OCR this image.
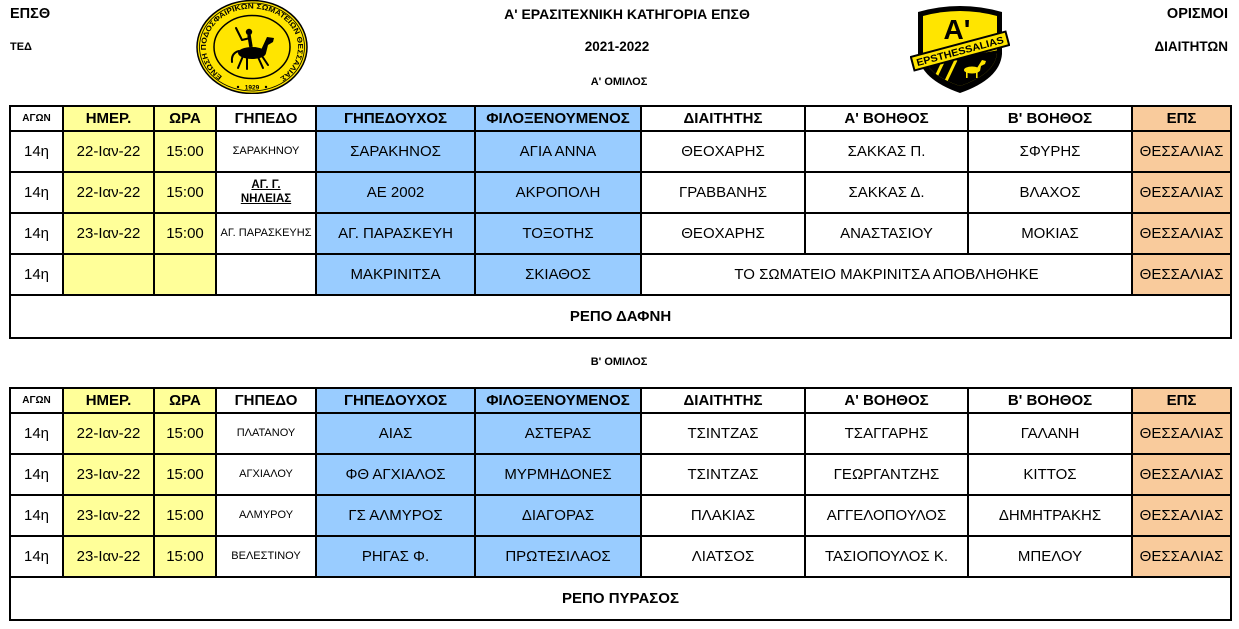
ΕΠΣΘ
ΤΕΔ
Α' ΕΡΑΣΙΤΕΧΝΙΚΗ ΚΑΤΗΓΟΡΙΑ ΕΠΣΘ
2021-2022
Α' ΟΜΙΛΟΣ
ΟΡΙΣΜΟΙ
ΔΙΑΙΤΗΤΩΝ
ΕΝΩΣΗ ΠΟΔΟΣΦΑΙΡΙΚΩΝ ΣΩΜΑΤΕΙΩΝ ΘΕΣΣΑΛΙΑΣ
1929
A'
EPSTHESSALIAS
ΑΓΩΝ	ΗΜΕΡ.	ΩΡΑ	ΓΗΠΕΔΟ	ΓΗΠΕΔΟΥΧΟΣ	ΦΙΛΟΞΕΝΟΥΜΕΝΟΣ	ΔΙΑΙΤΗΤΗΣ	Α' ΒΟΗΘΟΣ	Β' ΒΟΗΘΟΣ	ΕΠΣ
14η	22-Ιαν-22	15:00	ΣΑΡΑΚΗΝΟΥ	ΣΑΡΑΚΗΝΟΣ	ΑΓΙΑ ΑΝΝΑ	ΘΕΟΧΑΡΗΣ	ΣΑΚΚΑΣ Π.	ΣΦΥΡΗΣ	ΘΕΣΣΑΛΙΑΣ
14η	22-Ιαν-22	15:00	ΑΓ. Γ. ΝΗΛΕΙΑΣ	ΑΕ 2002	ΑΚΡΟΠΟΛΗ	ΓΡΑΒΒΑΝΗΣ	ΣΑΚΚΑΣ Δ.	ΒΛΑΧΟΣ	ΘΕΣΣΑΛΙΑΣ
14η	23-Ιαν-22	15:00	ΑΓ. ΠΑΡΑΣΚΕΥΗΣ	ΑΓ. ΠΑΡΑΣΚΕΥΗ	ΤΟΞΟΤΗΣ	ΘΕΟΧΑΡΗΣ	ΑΝΑΣΤΑΣΙΟΥ	ΜΟΚΙΑΣ	ΘΕΣΣΑΛΙΑΣ
14η				ΜΑΚΡΙΝΙΤΣΑ	ΣΚΙΑΘΟΣ	ΤΟ ΣΩΜΑΤΕΙΟ ΜΑΚΡΙΝΙΤΣΑ ΑΠΟΒΛΗΘΗΚΕ			ΘΕΣΣΑΛΙΑΣ
ΡΕΠΟ ΔΑΦΝΗ									
Β' ΟΜΙΛΟΣ
ΑΓΩΝ	ΗΜΕΡ.	ΩΡΑ	ΓΗΠΕΔΟ	ΓΗΠΕΔΟΥΧΟΣ	ΦΙΛΟΞΕΝΟΥΜΕΝΟΣ	ΔΙΑΙΤΗΤΗΣ	Α' ΒΟΗΘΟΣ	Β' ΒΟΗΘΟΣ	ΕΠΣ
14η	22-Ιαν-22	15:00	ΠΛΑΤΑΝΟΥ	ΑΙΑΣ	ΑΣΤΕΡΑΣ	ΤΣΙΝΤΖΑΣ	ΤΣΑΓΓΑΡΗΣ	ΓΑΛΑΝΗ	ΘΕΣΣΑΛΙΑΣ
14η	23-Ιαν-22	15:00	ΑΓΧΙΑΛΟΥ	ΦΘ ΑΓΧΙΑΛΟΣ	ΜΥΡΜΗΔΟΝΕΣ	ΤΣΙΝΤΖΑΣ	ΓΕΩΡΓΑΝΤΖΗΣ	ΚΙΤΤΟΣ	ΘΕΣΣΑΛΙΑΣ
14η	23-Ιαν-22	15:00	ΑΛΜΥΡΟΥ	ΓΣ ΑΛΜΥΡΟΣ	ΔΙΑΓΟΡΑΣ	ΠΛΑΚΙΑΣ	ΑΓΓΕΛΟΠΟΥΛΟΣ	ΔΗΜΗΤΡΑΚΗΣ	ΘΕΣΣΑΛΙΑΣ
14η	23-Ιαν-22	15:00	ΒΕΛΕΣΤΙΝΟΥ	ΡΗΓΑΣ Φ.	ΠΡΩΤΕΣΙΛΑΟΣ	ΛΙΑΤΣΟΣ	ΤΑΣΙΟΠΟΥΛΟΣ Κ.	ΜΠΕΛΟΥ	ΘΕΣΣΑΛΙΑΣ
ΡΕΠΟ ΠΥΡΑΣΟΣ									
